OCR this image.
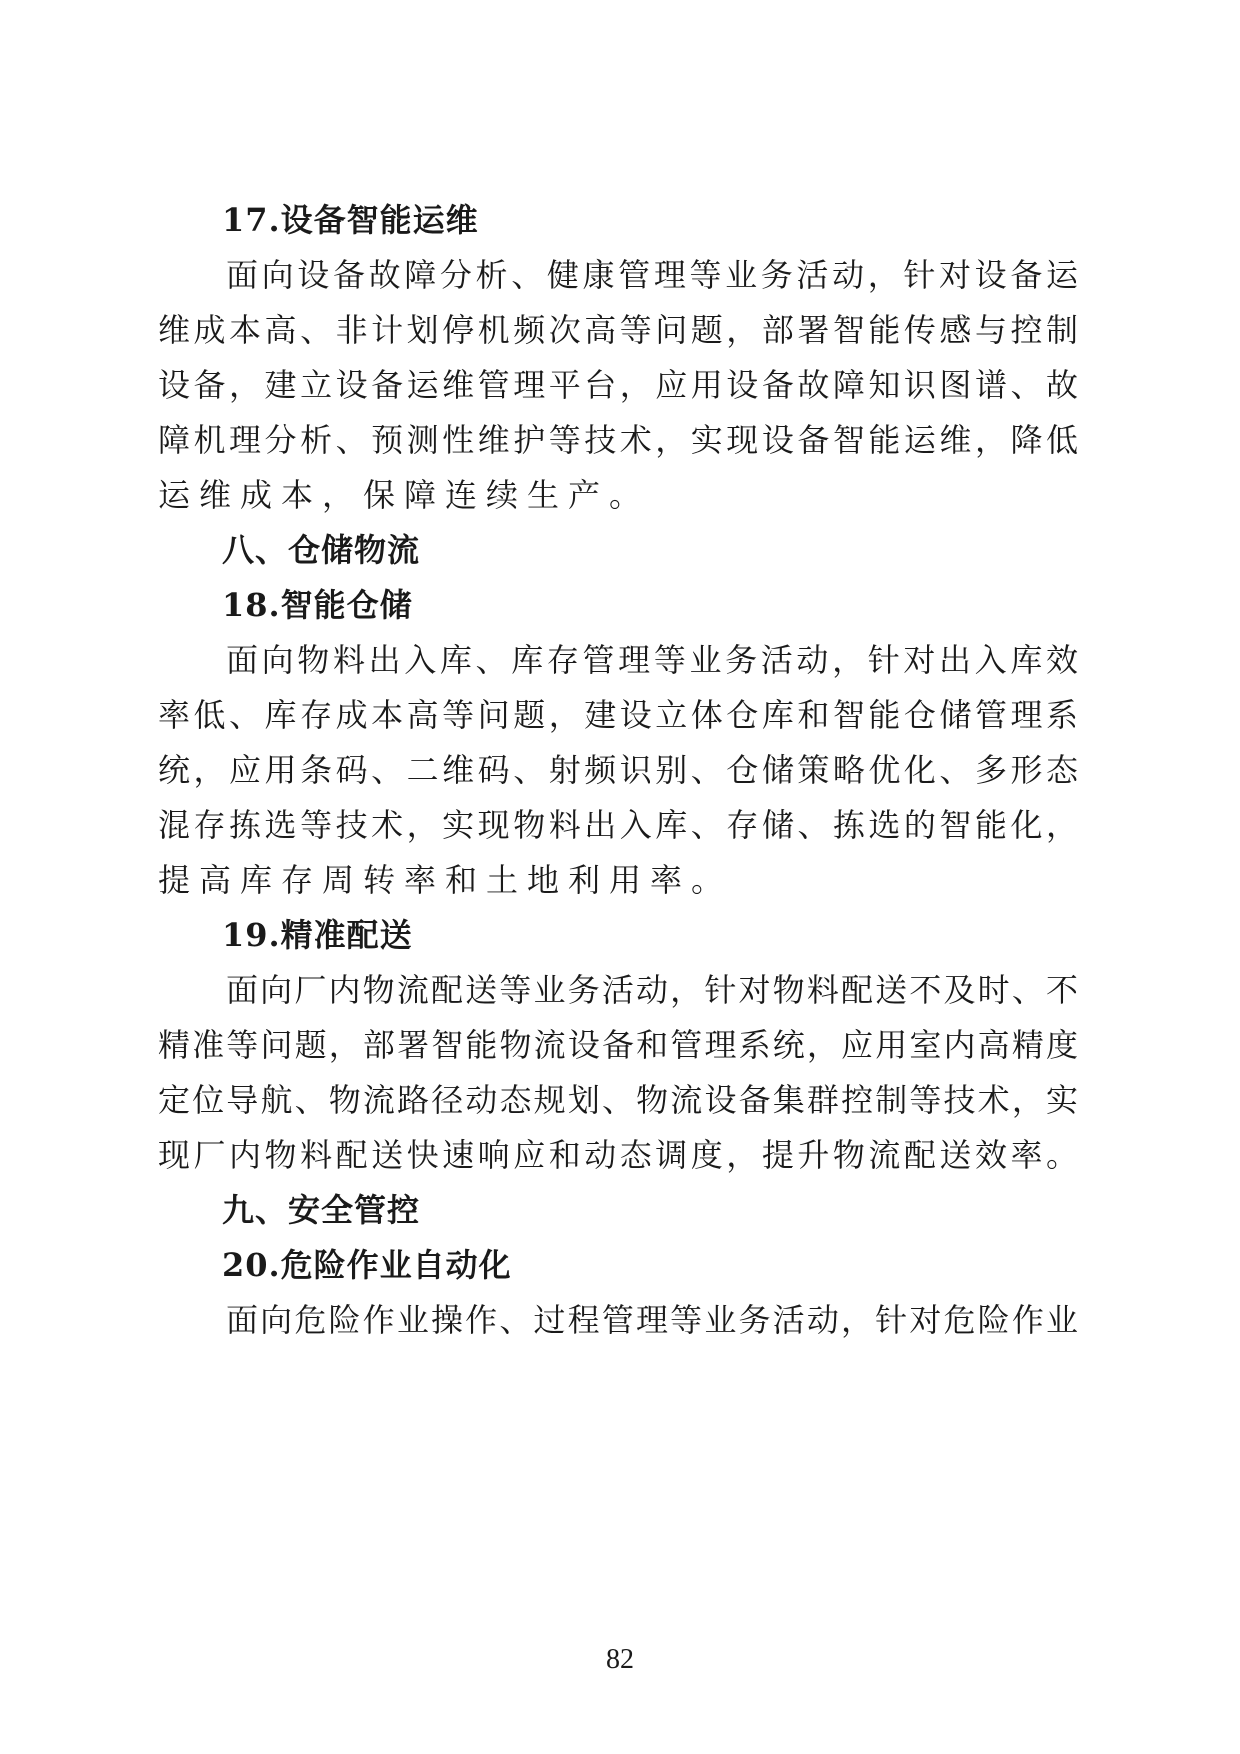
17.设备智能运维
面向设备故障分析、健康管理等业务活动，针对设备运
维成本高、非计划停机频次高等问题，部署智能传感与控制
设备，建立设备运维管理平台，应用设备故障知识图谱、故
障机理分析、预测性维护等技术，实现设备智能运维，降低
运维成本，保障连续生产。
八、仓储物流
18.智能仓储
面向物料出入库、库存管理等业务活动，针对出入库效
率低、库存成本高等问题，建设立体仓库和智能仓储管理系
统，应用条码、二维码、射频识别、仓储策略优化、多形态
混存拣选等技术，实现物料出入库、存储、拣选的智能化，
提高库存周转率和土地利用率。
19.精准配送
面向厂内物流配送等业务活动，针对物料配送不及时、不
精准等问题，部署智能物流设备和管理系统，应用室内高精度
定位导航、物流路径动态规划、物流设备集群控制等技术，实
现厂内物料配送快速响应和动态调度，提升物流配送效率。
九、安全管控
20.危险作业自动化
面向危险作业操作、过程管理等业务活动，针对危险作业
82
